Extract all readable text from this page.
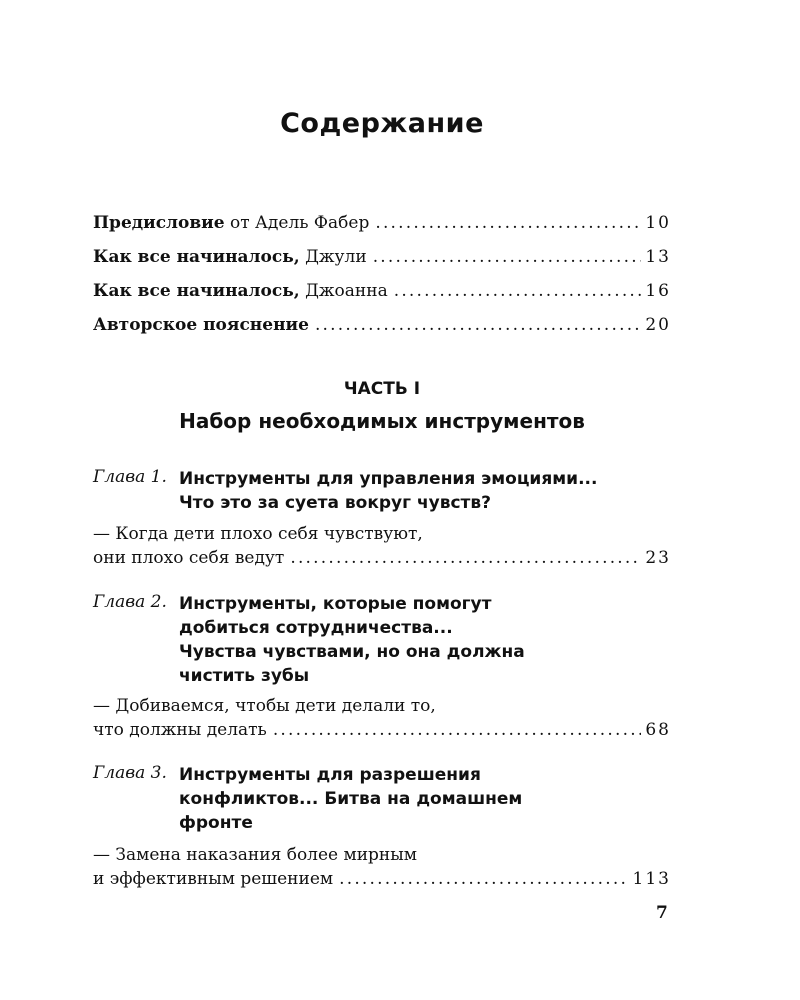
Содержание
Предисловие от Адель Фабер .....	10
Как все начиналось, Джули .....	13
Как все начиналось, Джоанна .....	16
Авторское пояснение .....	20
ЧАСТЬ I
Набор необходимых инструментов
Глава 1. Инструменты для управления эмоциями...
Что это за суета вокруг чувств?
— Когда дети плохо себя чувствуют,
они плохо себя ведут .....	23
Глава 2. Инструменты, которые помогут
добиться сотрудничества...
Чувства чувствами, но она должна
чистить зубы
— Добиваемся, чтобы дети делали то,
что должны делать .....	68
Глава 3. Инструменты для разрешения
конфликтов... Битва на домашнем
фронте
— Замена наказания более мирным
и эффективным решением .....	113
7
